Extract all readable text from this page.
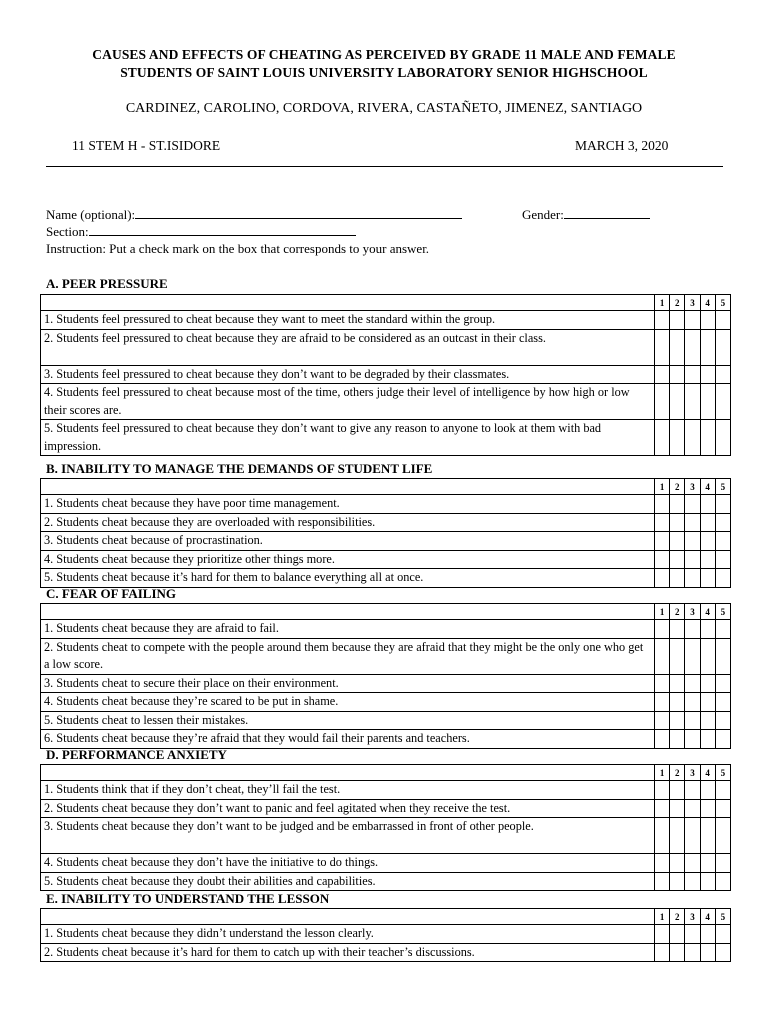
CAUSES AND EFFECTS OF CHEATING AS PERCEIVED BY GRADE 11 MALE AND FEMALE
STUDENTS OF SAINT LOUIS UNIVERSITY LABORATORY SENIOR HIGHSCHOOL
CARDINEZ, CAROLINO, CORDOVA, RIVERA, CASTAÑETO, JIMENEZ, SANTIAGO
11 STEM H - ST.ISIDORE	MARCH 3, 2020
Name (optional):	Gender:
Section:
Instruction: Put a check mark on the box that corresponds to your answer.
A. PEER PRESSURE
	1	2	3	4	5
1. Students feel pressured to cheat because they want to meet the standard within the group.					
2. Students feel pressured to cheat because they are afraid to be considered as an outcast in their class.					
3. Students feel pressured to cheat because they don’t want to be degraded by their classmates.					
4. Students feel pressured to cheat because most of the time, others judge their level of intelligence by how high or low their scores are.					
5. Students feel pressured to cheat because they don’t want to give any reason to anyone to look at them with bad impression.					
B. INABILITY TO MANAGE THE DEMANDS OF STUDENT LIFE
	1	2	3	4	5
1. Students cheat because they have poor time management.					
2. Students cheat because they are overloaded with responsibilities.					
3. Students cheat because of procrastination.					
4. Students cheat because they prioritize other things more.					
5. Students cheat because it’s hard for them to balance everything all at once.					
C. FEAR OF FAILING
	1	2	3	4	5
1. Students cheat because they are afraid to fail.					
2. Students cheat to compete with the people around them because they are afraid that they might be the only one who get a low score.					
3. Students cheat to secure their place on their environment.					
4. Students cheat because they’re scared to be put in shame.					
5. Students cheat to lessen their mistakes.					
6. Students cheat because they’re afraid that they would fail their parents and teachers.					
D. PERFORMANCE ANXIETY
	1	2	3	4	5
1. Students think that if they don’t cheat, they’ll fail the test.					
2. Students cheat because they don’t want to panic and feel agitated when they receive the test.					
3. Students cheat because they don’t want to be judged and be embarrassed in front of other people.					
4. Students cheat because they don’t have the initiative to do things.					
5. Students cheat because they doubt their abilities and capabilities.					
E. INABILITY TO UNDERSTAND THE LESSON
	1	2	3	4	5
1. Students cheat because they didn’t understand the lesson clearly.					
2. Students cheat because it’s hard for them to catch up with their teacher’s discussions.					
